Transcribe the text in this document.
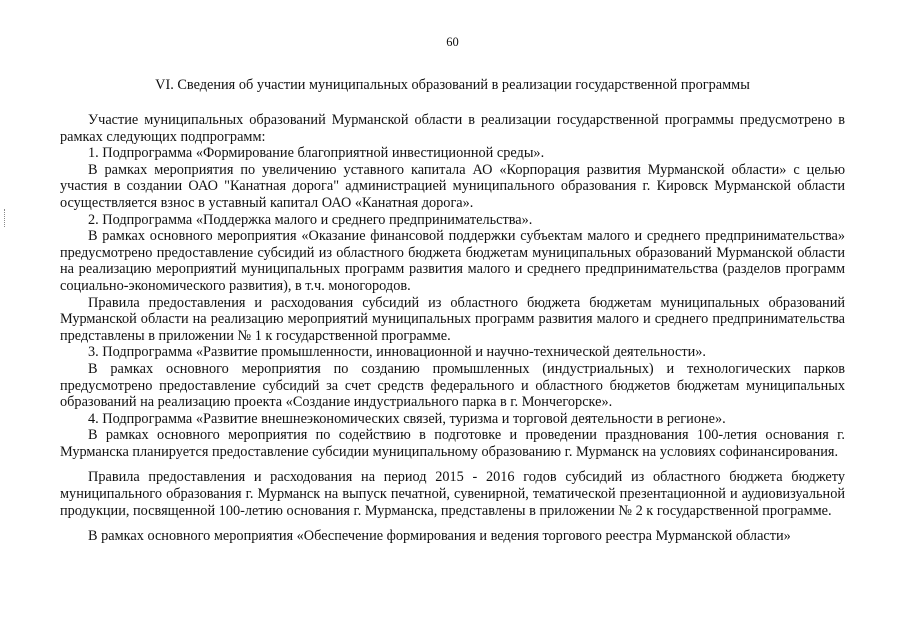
60
VI. Сведения об участии муниципальных образований в реализации государственной программы

Участие муниципальных образований Мурманской области в реализации государственной программы предусмотрено в рамках следующих подпрограмм:

1. Подпрограмма «Формирование благоприятной инвестиционной среды».

В рамках мероприятия по увеличению уставного капитала АО «Корпорация развития Мурманской области» с целью участия в создании ОАО "Канатная дорога" администрацией муниципального образования г. Кировск Мурманской области осуществляется взнос в уставный капитал ОАО «Канатная дорога».

2. Подпрограмма «Поддержка малого и среднего предпринимательства».

В рамках основного мероприятия «Оказание финансовой поддержки субъектам малого и среднего предпринимательства» предусмотрено предоставление субсидий из областного бюджета бюджетам муниципальных образований Мурманской области на реализацию мероприятий муниципальных программ развития малого и среднего предпринимательства (разделов программ социально-экономического развития), в т.ч. моногородов.

Правила предоставления и расходования субсидий из областного бюджета бюджетам муниципальных образований Мурманской области на реализацию мероприятий муниципальных программ развития малого и среднего предпринимательства представлены в приложении № 1 к государственной программе.

3. Подпрограмма «Развитие промышленности, инновационной и научно-технической деятельности».

В рамках основного мероприятия по созданию промышленных (индустриальных) и технологических парков предусмотрено предоставление субсидий за счет средств федерального и областного бюджетов бюджетам муниципальных образований на реализацию проекта «Создание индустриального парка в г. Мончегорске».

4. Подпрограмма «Развитие внешнеэкономических связей, туризма и торговой деятельности в регионе».

В рамках основного мероприятия по содействию в подготовке и проведении празднования 100-летия основания г. Мурманска планируется предоставление субсидии муниципальному образованию г. Мурманск на условиях софинансирования.

Правила предоставления и расходования на период 2015 - 2016 годов субсидий из областного бюджета бюджету муниципального образования г. Мурманск на выпуск печатной, сувенирной, тематической презентационной и аудиовизуальной продукции, посвященной 100-летию основания г. Мурманска, представлены в приложении № 2 к государственной программе.

В рамках основного мероприятия «Обеспечение формирования и ведения торгового реестра Мурманской области»
